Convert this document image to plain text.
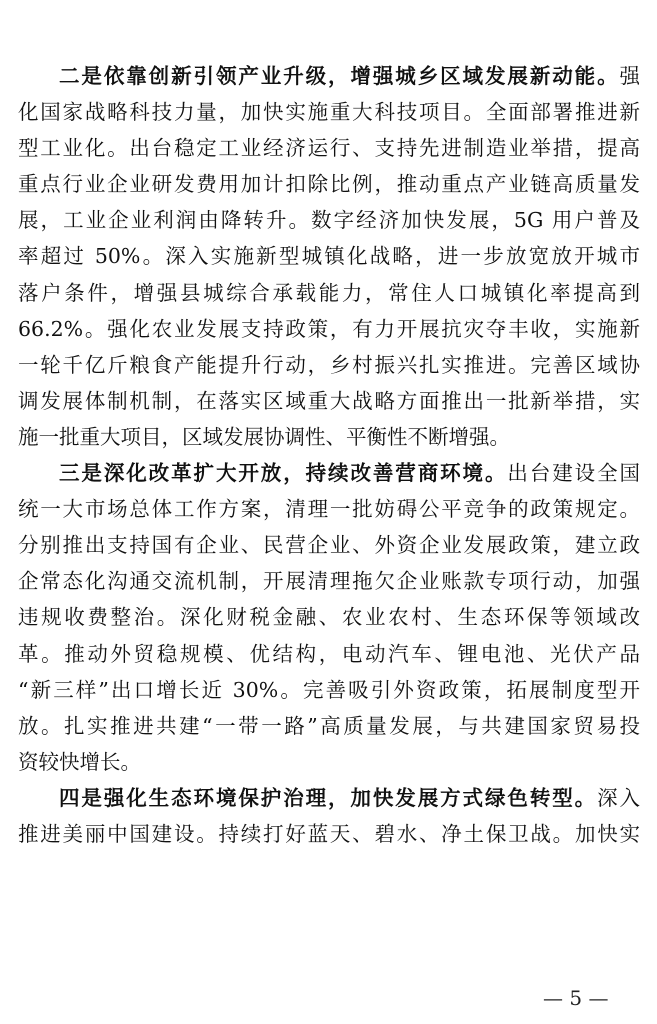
二是依靠创新引领产业升级，增强城乡区域发展新动能。强
化国家战略科技力量，加快实施重大科技项目。全面部署推进新
型工业化。出台稳定工业经济运行、支持先进制造业举措，提高
重点行业企业研发费用加计扣除比例，推动重点产业链高质量发
展，工业企业利润由降转升。数字经济加快发展，5G 用户普及
率超过 50%。深入实施新型城镇化战略，进一步放宽放开城市
落户条件，增强县城综合承载能力，常住人口城镇化率提高到
66.2%。强化农业发展支持政策，有力开展抗灾夺丰收，实施新
一轮千亿斤粮食产能提升行动，乡村振兴扎实推进。完善区域协
调发展体制机制，在落实区域重大战略方面推出一批新举措，实
施一批重大项目，区域发展协调性、平衡性不断增强。
三是深化改革扩大开放，持续改善营商环境。出台建设全国
统一大市场总体工作方案，清理一批妨碍公平竞争的政策规定。
分别推出支持国有企业、民营企业、外资企业发展政策，建立政
企常态化沟通交流机制，开展清理拖欠企业账款专项行动，加强
违规收费整治。深化财税金融、农业农村、生态环保等领域改
革。推动外贸稳规模、优结构，电动汽车、锂电池、光伏产品
“新三样”出口增长近 30%。完善吸引外资政策，拓展制度型开
放。扎实推进共建“一带一路”高质量发展，与共建国家贸易投
资较快增长。
四是强化生态环境保护治理，加快发展方式绿色转型。深入
推进美丽中国建设。持续打好蓝天、碧水、净土保卫战。加快实
— 5 —
